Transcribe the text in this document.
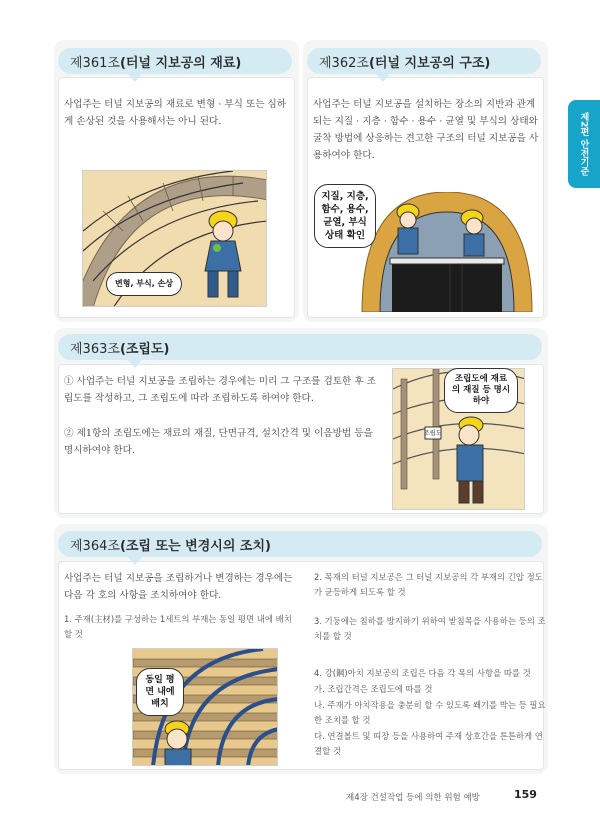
제2편 안전기준
제361조 (터널 지보공의 재료)
사업주는 터널 지보공의 재료로 변형 · 부식 또는 심하게 손상된 것을 사용해서는 아니 된다.
변형, 부식, 손상
제362조 (터널 지보공의 구조)
사업주는 터널 지보공을 설치하는 장소의 지반과 관계되는 지질 · 지층 · 함수 · 용수 · 균열 및 부식의 상태와 굴착 방법에 상응하는 견고한 구조의 터널 지보공을 사용하여야 한다.
지질, 지층, 함수, 용수, 균열, 부식 상태 확인
제363조 (조립도)
① 사업주는 터널 지보공을 조립하는 경우에는 미리 그 구조를 검토한 후 조립도를 작성하고, 그 조립도에 따라 조립하도록 하여야 한다.
② 제1항의 조립도에는 재료의 재질, 단면규격, 설치간격 및 이음방법 등을 명시하여야 한다.
조립도에 재료의 재질 등 명시하야
조립도
제364조 (조립 또는 변경시의 조치)
사업주는 터널 지보공을 조립하거나 변경하는 경우에는 다음 각 호의 사항을 조치하여야 한다.
1. 주재(主材)를 구성하는 1세트의 부재는 동일 평면 내에 배치할 것
동일 평면 내에 배치
2. 목재의 터널 지보공은 그 터널 지보공의 각 부재의 긴압 정도가 균등하게 되도록 할 것
3. 기둥에는 침하를 방지하기 위하여 받침목을 사용하는 등의 조치를 할 것
4. 강(鋼)아치 지보공의 조립은 다음 각 목의 사항을 따를 것
가. 조립간격은 조립도에 따를 것
나. 주재가 아치작용을 충분히 할 수 있도록 쐐기를 박는 등 필요한 조치를 할 것
다. 연결볼트 및 띠장 등을 사용하여 주재 상호간을 튼튼하게 연결할 것
제4장 건설작업 등에 의한 위험 예방	159
